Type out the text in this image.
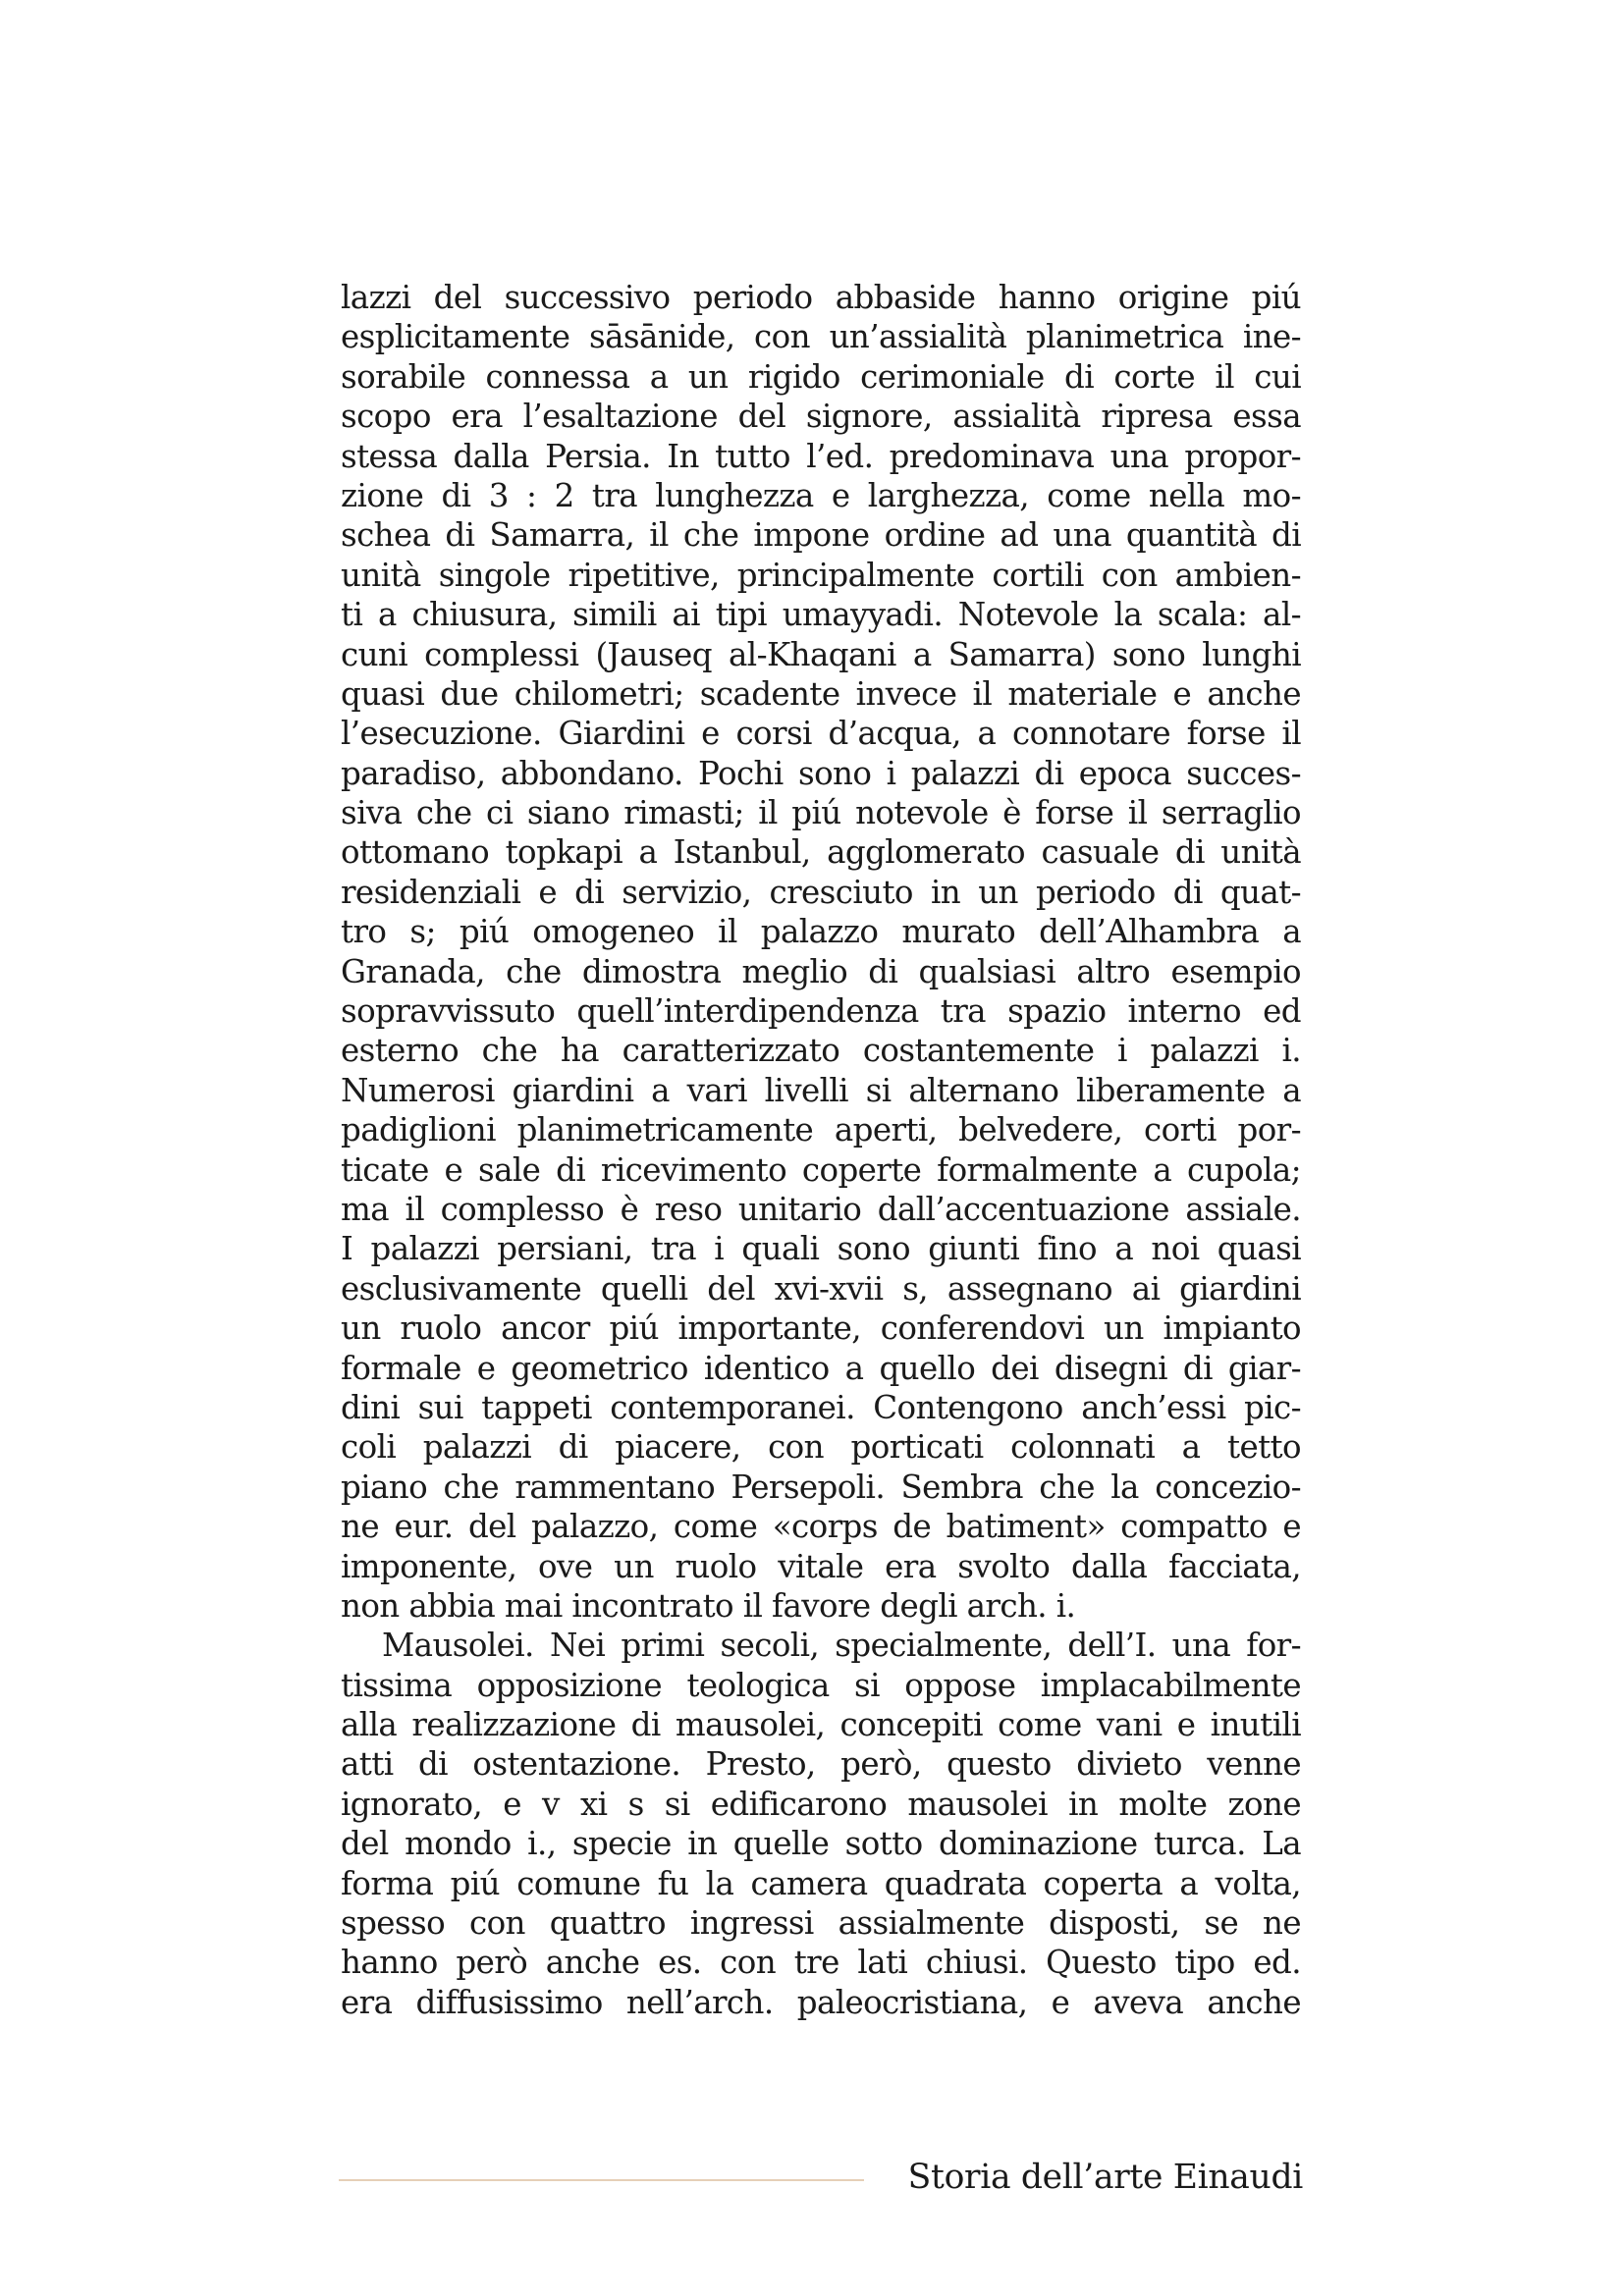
lazzi del successivo periodo abbaside hanno origine piú
esplicitamente sāsānide, con un’assialità planimetrica ine-
sorabile connessa a un rigido cerimoniale di corte il cui
scopo era l’esaltazione del signore, assialità ripresa essa
stessa dalla Persia. In tutto l’ed. predominava una propor-
zione di 3 : 2 tra lunghezza e larghezza, come nella mo-
schea di Samarra, il che impone ordine ad una quantità di
unità singole ripetitive, principalmente cortili con ambien-
ti a chiusura, simili ai tipi umayyadi. Notevole la scala: al-
cuni complessi (Jauseq al-Khaqani a Samarra) sono lunghi
quasi due chilometri; scadente invece il materiale e anche
l’esecuzione. Giardini e corsi d’acqua, a connotare forse il
paradiso, abbondano. Pochi sono i palazzi di epoca succes-
siva che ci siano rimasti; il piú notevole è forse il serraglio
ottomano topkapi a Istanbul, agglomerato casuale di unità
residenziali e di servizio, cresciuto in un periodo di quat-
tro s; piú omogeneo il palazzo murato dell’Alhambra a
Granada, che dimostra meglio di qualsiasi altro esempio
sopravvissuto quell’interdipendenza tra spazio interno ed
esterno che ha caratterizzato costantemente i palazzi i.
Numerosi giardini a vari livelli si alternano liberamente a
padiglioni planimetricamente aperti, belvedere, corti por-
ticate e sale di ricevimento coperte formalmente a cupola;
ma il complesso è reso unitario dall’accentuazione assiale.
I palazzi persiani, tra i quali sono giunti fino a noi quasi
esclusivamente quelli del xvi-xvii s, assegnano ai giardini
un ruolo ancor piú importante, conferendovi un impianto
formale e geometrico identico a quello dei disegni di giar-
dini sui tappeti contemporanei. Contengono anch’essi pic-
coli palazzi di piacere, con porticati colonnati a tetto
piano che rammentano Persepoli. Sembra che la concezio-
ne eur. del palazzo, come «corps de batiment» compatto e
imponente, ove un ruolo vitale era svolto dalla facciata,
non abbia mai incontrato il favore degli arch. i.
Mausolei. Nei primi secoli, specialmente, dell’I. una for-
tissima opposizione teologica si oppose implacabilmente
alla realizzazione di mausolei, concepiti come vani e inutili
atti di ostentazione. Presto, però, questo divieto venne
ignorato, e v xi s si edificarono mausolei in molte zone
del mondo i., specie in quelle sotto dominazione turca. La
forma piú comune fu la camera quadrata coperta a volta,
spesso con quattro ingressi assialmente disposti, se ne
hanno però anche es. con tre lati chiusi. Questo tipo ed.
era diffusissimo nell’arch. paleocristiana, e aveva anche
Storia dell’arte Einaudi
